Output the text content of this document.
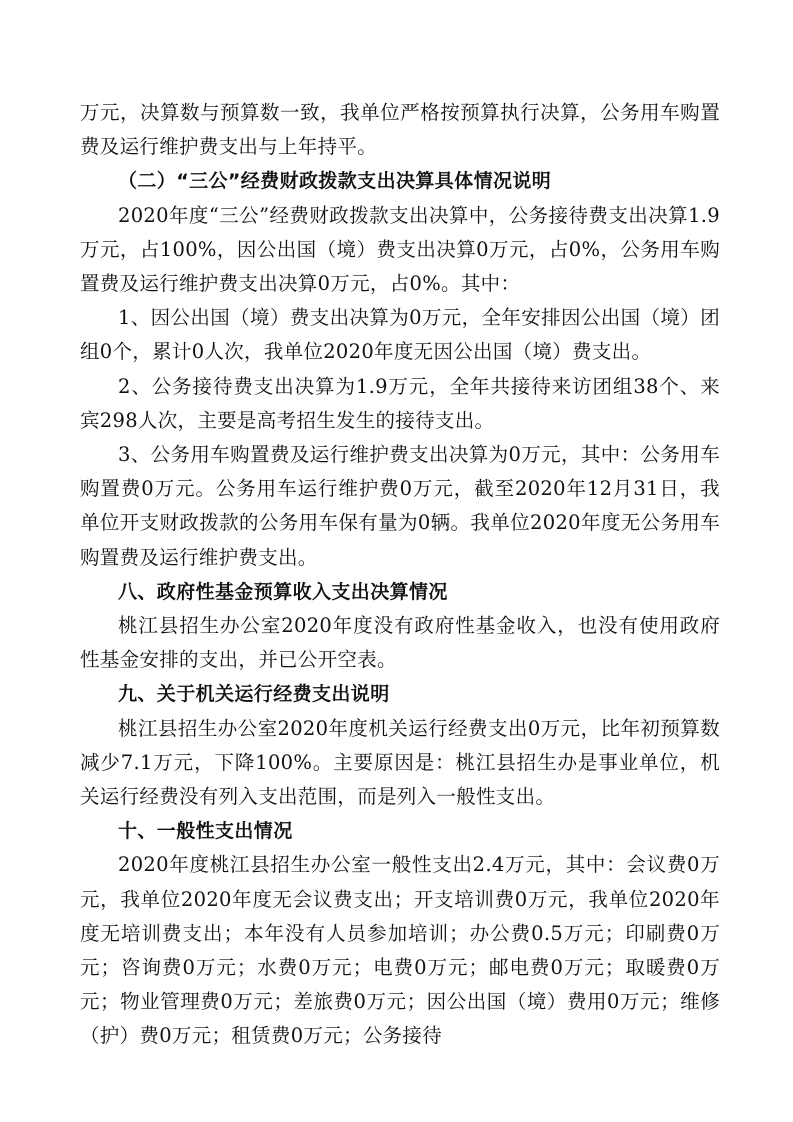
万元，决算数与预算数一致，我单位严格按预算执行决算，公务用车购置费及运行维护费支出与上年持平。

（二）“三公”经费财政拨款支出决算具体情况说明

2020年度“三公”经费财政拨款支出决算中，公务接待费支出决算1.9万元，占100%，因公出国（境）费支出决算0万元，占0%，公务用车购置费及运行维护费支出决算0万元，占0%。其中：

1、因公出国（境）费支出决算为0万元，全年安排因公出国（境）团组0个，累计0人次，我单位2020年度无因公出国（境）费支出。

2、公务接待费支出决算为1.9万元，全年共接待来访团组38个、来宾298人次，主要是高考招生发生的接待支出。

3、公务用车购置费及运行维护费支出决算为0万元，其中：公务用车购置费0万元。公务用车运行维护费0万元，截至2020年12月31日，我单位开支财政拨款的公务用车保有量为0辆。我单位2020年度无公务用车购置费及运行维护费支出。

八、政府性基金预算收入支出决算情况

桃江县招生办公室2020年度没有政府性基金收入，也没有使用政府性基金安排的支出，并已公开空表。

九、关于机关运行经费支出说明

桃江县招生办公室2020年度机关运行经费支出0万元，比年初预算数减少7.1万元，下降100%。主要原因是：桃江县招生办是事业单位，机关运行经费没有列入支出范围，而是列入一般性支出。

十、一般性支出情况

2020年度桃江县招生办公室一般性支出2.4万元，其中：会议费0万元，我单位2020年度无会议费支出；开支培训费0万元，我单位2020年度无培训费支出；本年没有人员参加培训；办公费0.5万元；印刷费0万元；咨询费0万元；水费0万元；电费0万元；邮电费0万元；取暖费0万元；物业管理费0万元；差旅费0万元；因公出国（境）费用0万元；维修（护）费0万元；租赁费0万元；公务接待
